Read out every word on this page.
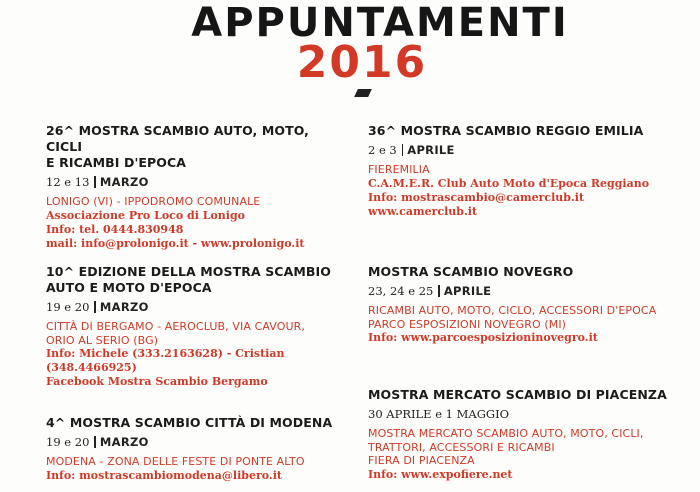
APPUNTAMENTI
2016
26^ MOSTRA SCAMBIO AUTO, MOTO, CICLI
E RICAMBI D'EPOCA
12 e 13 MARZO
LONIGO (VI) - IPPODROMO COMUNALE
Associazione Pro Loco di Lonigo
Info: tel. 0444.830948
mail: info@prolonigo.it - www.prolonigo.it
10^ EDIZIONE DELLA MOSTRA SCAMBIO
AUTO E MOTO D'EPOCA
19 e 20 MARZO
CITTÀ DI BERGAMO - AEROCLUB, VIA CAVOUR,
ORIO AL SERIO (BG)
Info: Michele (333.2163628) - Cristian (348.4466925)
Facebook Mostra Scambio Bergamo
4^ MOSTRA SCAMBIO CITTÀ DI MODENA
19 e 20 MARZO
MODENA - ZONA DELLE FESTE DI PONTE ALTO
Info: mostrascambiomodena@libero.it
36^ MOSTRA SCAMBIO REGGIO EMILIA
2 e 3 APRILE
FIEREMILIA
C.A.M.E.R. Club Auto Moto d'Epoca Reggiano
Info: mostrascambio@camerclub.it
www.camerclub.it
MOSTRA SCAMBIO NOVEGRO
23, 24 e 25 APRILE
RICAMBI AUTO, MOTO, CICLO, ACCESSORI D'EPOCA
PARCO ESPOSIZIONI NOVEGRO (MI)
Info: www.parcoesposizioninovegro.it
MOSTRA MERCATO SCAMBIO DI PIACENZA
30 APRILE e 1 MAGGIO
MOSTRA MERCATO SCAMBIO AUTO, MOTO, CICLI,
TRATTORI, ACCESSORI E RICAMBI
FIERA DI PIACENZA
Info: www.expofiere.net
